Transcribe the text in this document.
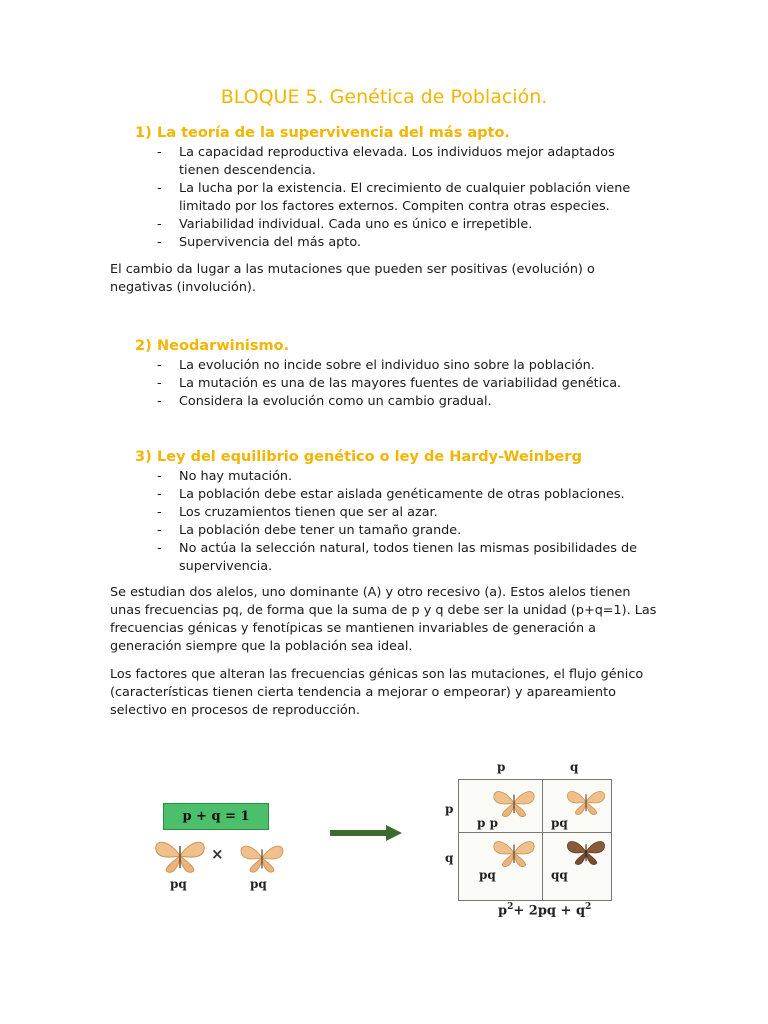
BLOQUE 5. Genética de Población.
1) La teoría de la supervivencia del más apto.
- La capacidad reproductiva elevada. Los individuos mejor adaptados tienen descendencia.
- La lucha por la existencia. El crecimiento de cualquier población viene limitado por los factores externos. Compiten contra otras especies.
- Variabilidad individual. Cada uno es único e irrepetible.
- Supervivencia del más apto.

El cambio da lugar a las mutaciones que pueden ser positivas (evolución) o negativas (involución).

2) Neodarwinismo.
- La evolución no incide sobre el individuo sino sobre la población.
- La mutación es una de las mayores fuentes de variabilidad genética.
- Considera la evolución como un cambio gradual.
3) Ley del equilibrio genético o ley de Hardy-Weinberg
- No hay mutación.
- La población debe estar aislada genéticamente de otras poblaciones.
- Los cruzamientos tienen que ser al azar.
- La población debe tener un tamaño grande.
- No actúa la selección natural, todos tienen las mismas posibilidades de supervivencia.

Se estudian dos alelos, uno dominante (A) y otro recesivo (a). Estos alelos tienen unas frecuencias pq, de forma que la suma de p y q debe ser la unidad (p+q=1). Las frecuencias génicas y fenotípicas se mantienen invariables de generación a generación siempre que la población sea ideal.

Los factores que alteran las frecuencias génicas son las mutaciones, el flujo génico (características tienen cierta tendencia a mejorar o empeorar) y apareamiento selectivo en procesos de reproducción.

p + q = 1
×
pq	pq
p	q
p
q
p p	pq
pq	qq
$p^2+ 2pq + q^2$
